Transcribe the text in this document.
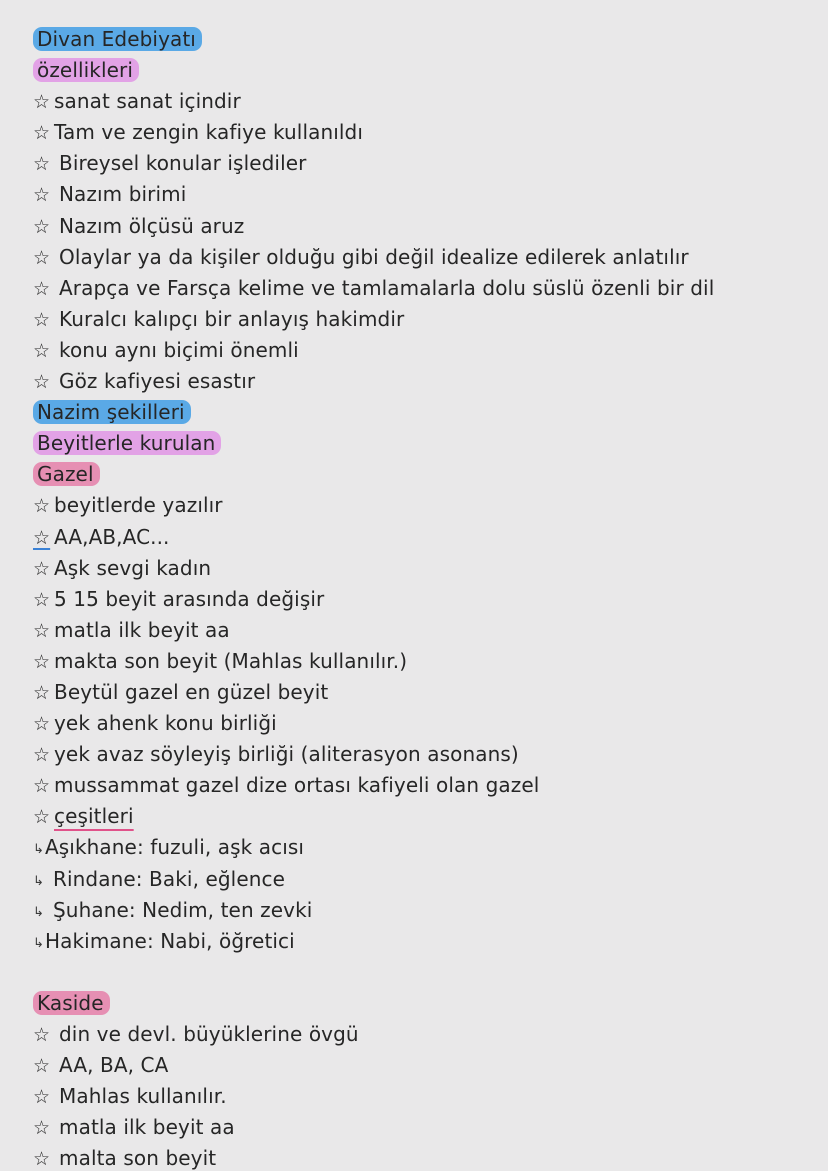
Divan Edebiyatı
özellikleri
☆ sanat sanat içindir
☆ Tam ve zengin kafiye kullanıldı
☆ Bireysel konular işlediler
☆ Nazım birimi
☆ Nazım ölçüsü aruz
☆ Olaylar ya da kişiler olduğu gibi değil idealize edilerek anlatılır
☆ Arapça ve Farsça kelime ve tamlamalarla dolu süslü özenli bir dil
☆ Kuralcı kalıpçı bir anlayış hakimdir
☆ konu aynı biçimi önemli
☆ Göz kafiyesi esastır
Nazim şekilleri
Beyitlerle kurulan
Gazel
☆ beyitlerde yazılır
☆ AA,AB,AC...
☆ Aşk sevgi kadın
☆ 5 15 beyit arasında değişir
☆ matla ilk beyit aa
☆ makta son beyit (Mahlas kullanılır.)
☆ Beytül gazel en güzel beyit
☆ yek ahenk konu birliği
☆ yek avaz söyleyiş birliği (aliterasyon asonans)
☆ mussammat gazel dize ortası kafiyeli olan gazel
☆ çeşitleri
↳Aşıkhane: fuzuli, aşk acısı
↳ Rindane: Baki, eğlence
↳ Şuhane: Nedim, ten zevki
↳Hakimane: Nabi, öğretici
Kaside
☆ din ve devl. büyüklerine övgü
☆ AA, BA, CA
☆ Mahlas kullanılır.
☆ matla ilk beyit aa
☆ malta son beyit
